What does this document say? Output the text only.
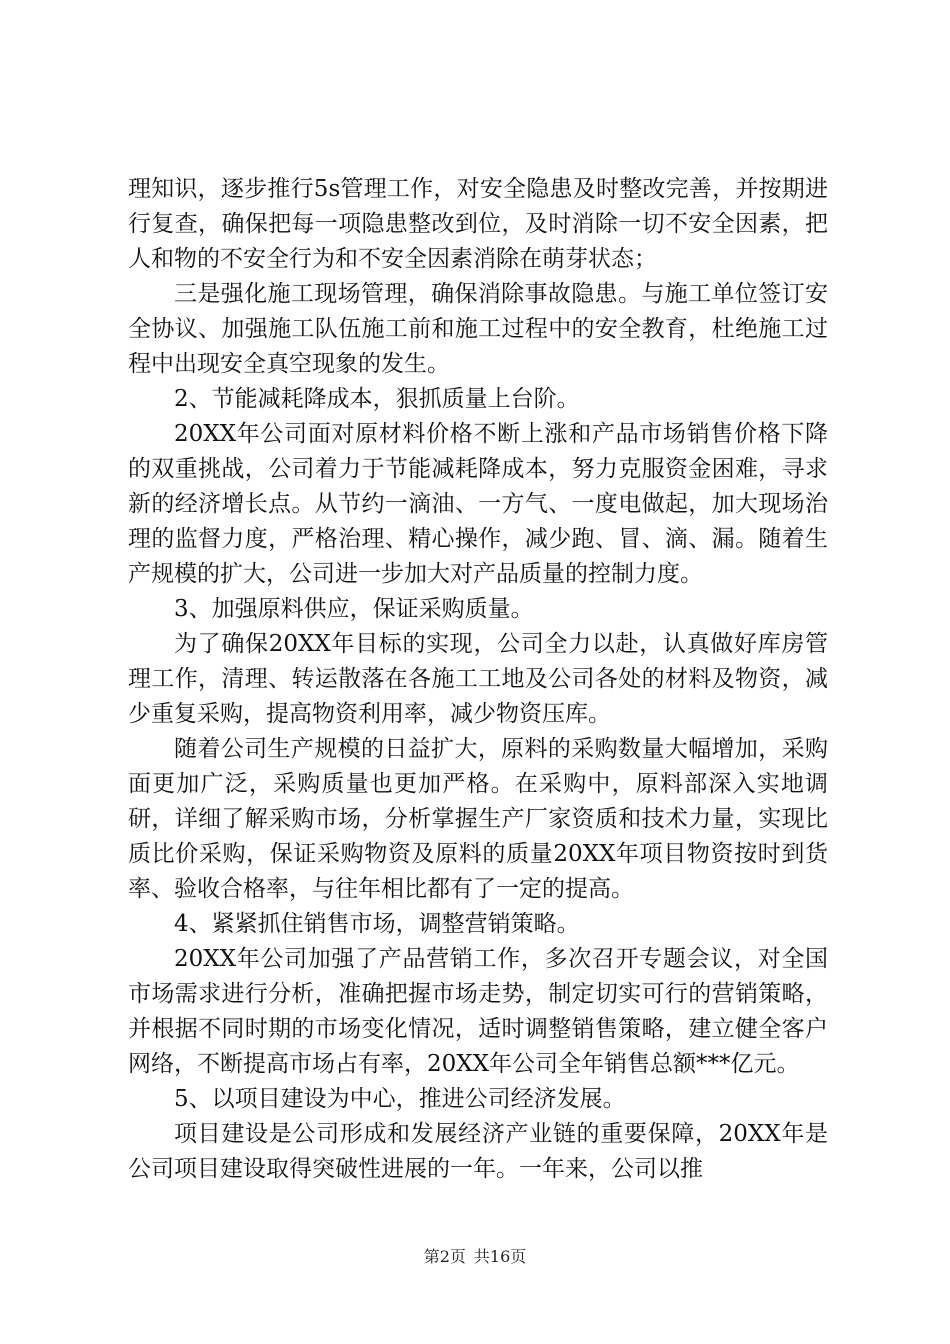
理知识，逐步推行5s管理工作，对安全隐患及时整改完善，并按期进行复查，确保把每一项隐患整改到位，及时消除一切不安全因素，把人和物的不安全行为和不安全因素消除在萌芽状态；

三是强化施工现场管理，确保消除事故隐患。与施工单位签订安全协议、加强施工队伍施工前和施工过程中的安全教育，杜绝施工过程中出现安全真空现象的发生。

2、节能减耗降成本，狠抓质量上台阶。

20XX年公司面对原材料价格不断上涨和产品市场销售价格下降的双重挑战，公司着力于节能减耗降成本，努力克服资金困难，寻求新的经济增长点。从节约一滴油、一方气、一度电做起，加大现场治理的监督力度，严格治理、精心操作，减少跑、冒、滴、漏。随着生产规模的扩大，公司进一步加大对产品质量的控制力度。

3、加强原料供应，保证采购质量。

为了确保20XX年目标的实现，公司全力以赴，认真做好库房管理工作，清理、转运散落在各施工工地及公司各处的材料及物资，减少重复采购，提高物资利用率，减少物资压库。

随着公司生产规模的日益扩大，原料的采购数量大幅增加，采购面更加广泛，采购质量也更加严格。在采购中，原料部深入实地调研，详细了解采购市场，分析掌握生产厂家资质和技术力量，实现比质比价采购，保证采购物资及原料的质量20XX年项目物资按时到货率、验收合格率，与往年相比都有了一定的提高。

4、紧紧抓住销售市场，调整营销策略。

20XX年公司加强了产品营销工作，多次召开专题会议，对全国市场需求进行分析，准确把握市场走势，制定切实可行的营销策略，并根据不同时期的市场变化情况，适时调整销售策略，建立健全客户网络，不断提高市场占有率，20XX年公司全年销售总额***亿元。

5、以项目建设为中心，推进公司经济发展。

项目建设是公司形成和发展经济产业链的重要保障，20XX年是公司项目建设取得突破性进展的一年。一年来，公司以推

第2页 共16页
